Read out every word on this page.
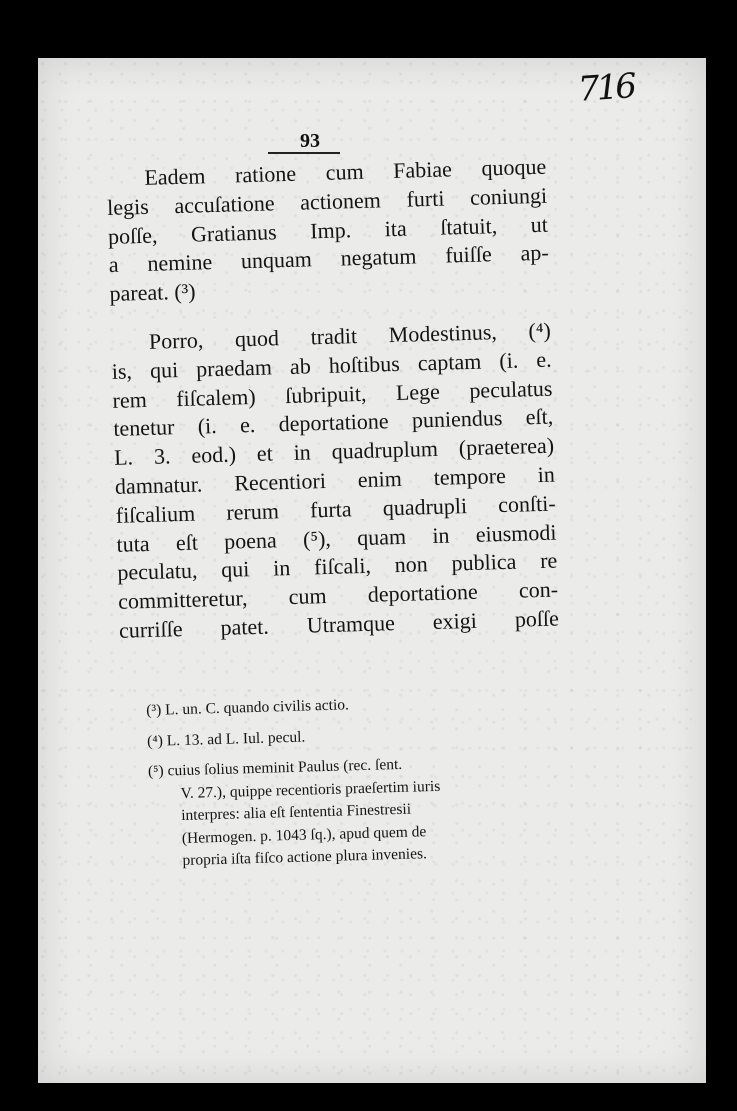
716
93
Eadem ratione cum Fabiae quoque
legis accuſatione actionem furti coniungi
poſſe, Gratianus Imp. ita ſtatuit, ut
a nemine unquam negatum fuiſſe ap-
pareat. (³)
Porro, quod tradit Modestinus, (⁴)
is, qui praedam ab hoſtibus captam (i. e.
rem fiſcalem) ſubripuit, Lege peculatus
tenetur (i. e. deportatione puniendus eſt,
L. 3. eod.) et in quadruplum (praeterea)
damnatur. Recentiori enim tempore in
fiſcalium rerum furta quadrupli conſti-
tuta eſt poena (⁵), quam in eiusmodi
peculatu, qui in fiſcali, non publica re
committeretur, cum deportatione con-
curriſſe patet. Utramque exigi poſſe
(³) L. un. C. quando civilis actio.
(⁴) L. 13. ad L. Iul. pecul.
(⁵) cuius ſolius meminit Paulus (rec. ſent.
V. 27.), quippe recentioris praeſertim iuris
interpres: alia eſt ſententia Finestresii
(Hermogen. p. 1043 ſq.), apud quem de
propria iſta fiſco actione plura invenies.
